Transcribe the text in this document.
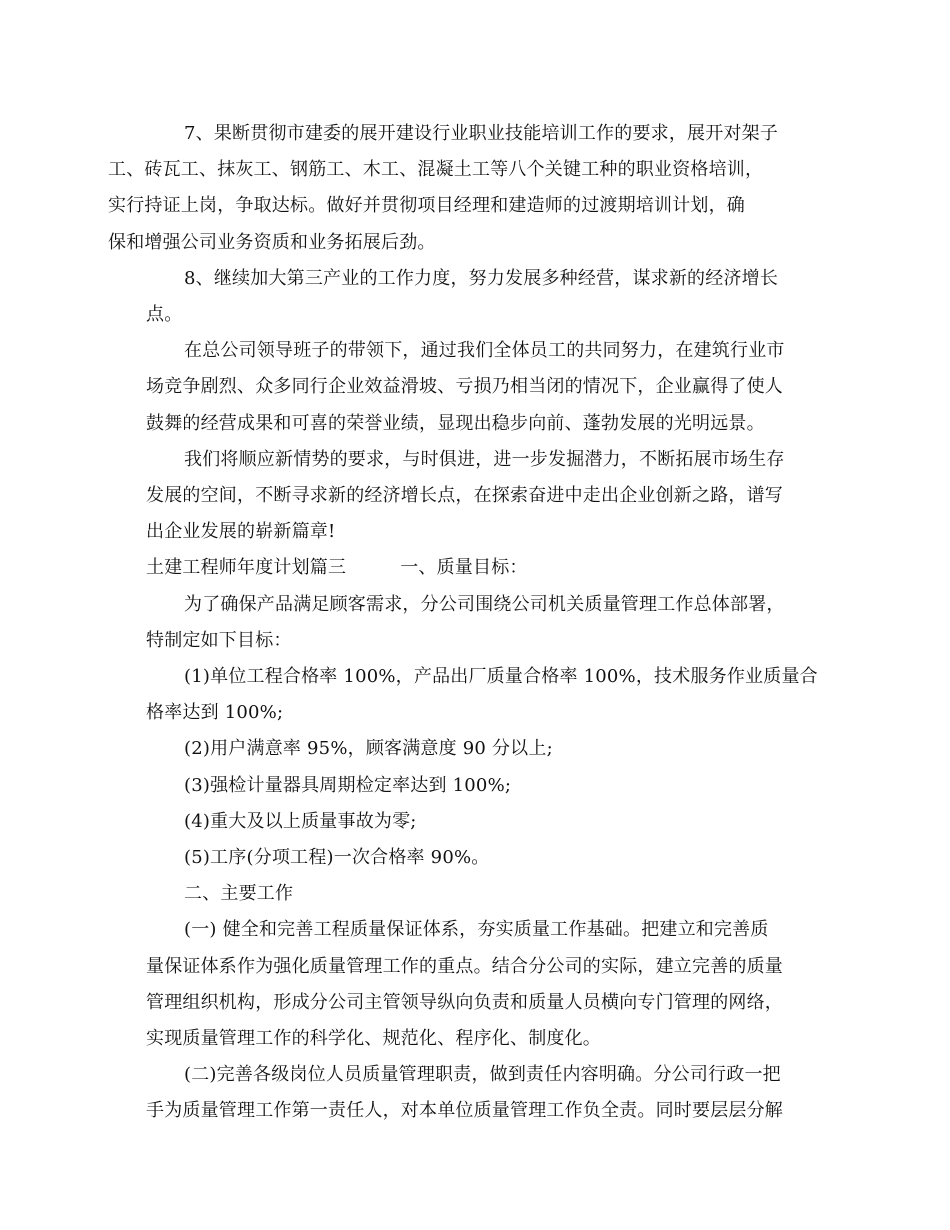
7、果断贯彻市建委的展开建设行业职业技能培训工作的要求，展开对架子
工、砖瓦工、抹灰工、钢筋工、木工、混凝土工等八个关键工种的职业资格培训，
实行持证上岗，争取达标。做好并贯彻项目经理和建造师的过渡期培训计划，确
保和增强公司业务资质和业务拓展后劲。

8、继续加大第三产业的工作力度，努力发展多种经营，谋求新的经济增长
点。

在总公司领导班子的带领下，通过我们全体员工的共同努力，在建筑行业市
场竞争剧烈、众多同行企业效益滑坡、亏损乃相当闭的情况下，企业赢得了使人
鼓舞的经营成果和可喜的荣誉业绩，显现出稳步向前、蓬勃发展的光明远景。

我们将顺应新情势的要求，与时俱进，进一步发掘潜力，不断拓展市场生存
发展的空间，不断寻求新的经济增长点，在探索奋进中走出企业创新之路，谱写
出企业发展的崭新篇章!

土建工程师年度计划篇三	一、质量目标：

为了确保产品满足顾客需求，分公司围绕公司机关质量管理工作总体部署，
特制定如下目标：

(1)单位工程合格率 100%，产品出厂质量合格率 100%，技术服务作业质量合
格率达到 100%;

(2)用户满意率 95%，顾客满意度 90 分以上;

(3)强检计量器具周期检定率达到 100%;

(4)重大及以上质量事故为零;

(5)工序(分项工程)一次合格率 90%。

二、主要工作

(一) 健全和完善工程质量保证体系，夯实质量工作基础。把建立和完善质
量保证体系作为强化质量管理工作的重点。结合分公司的实际，建立完善的质量
管理组织机构，形成分公司主管领导纵向负责和质量人员横向专门管理的网络，
实现质量管理工作的科学化、规范化、程序化、制度化。

(二)完善各级岗位人员质量管理职责，做到责任内容明确。分公司行政一把
手为质量管理工作第一责任人，对本单位质量管理工作负全责。同时要层层分解
